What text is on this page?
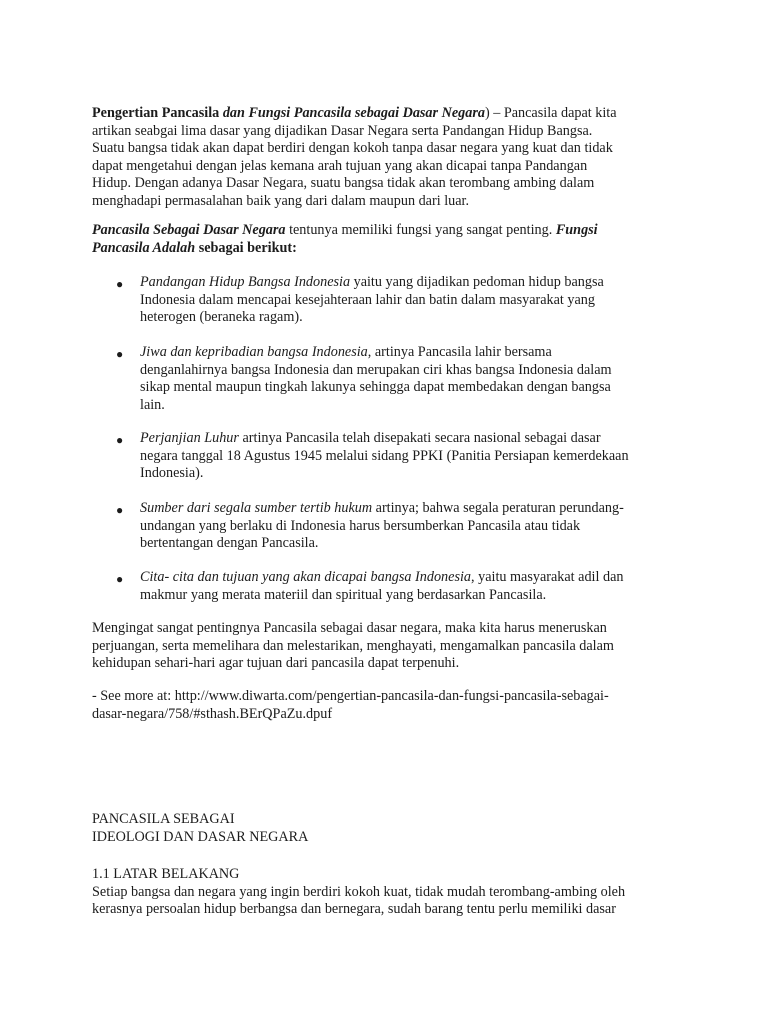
Pengertian Pancasila dan Fungsi Pancasila sebagai Dasar Negara) – Pancasila dapat kita
artikan seabgai lima dasar yang dijadikan Dasar Negara serta Pandangan Hidup Bangsa.
Suatu bangsa tidak akan dapat berdiri dengan kokoh tanpa dasar negara yang kuat dan tidak
dapat mengetahui dengan jelas kemana arah tujuan yang akan dicapai tanpa Pandangan
Hidup. Dengan adanya Dasar Negara, suatu bangsa tidak akan terombang ambing dalam
menghadapi permasalahan baik yang dari dalam maupun dari luar.

Pancasila Sebagai Dasar Negara tentunya memiliki fungsi yang sangat penting. Fungsi
Pancasila Adalah sebagai berikut:

● Pandangan Hidup Bangsa Indonesia yaitu yang dijadikan pedoman hidup bangsa
Indonesia dalam mencapai kesejahteraan lahir dan batin dalam masyarakat yang
heterogen (beraneka ragam).

● Jiwa dan kepribadian bangsa Indonesia, artinya Pancasila lahir bersama
denganlahirnya bangsa Indonesia dan merupakan ciri khas bangsa Indonesia dalam
sikap mental maupun tingkah lakunya sehingga dapat membedakan dengan bangsa
lain.

● Perjanjian Luhur artinya Pancasila telah disepakati secara nasional sebagai dasar
negara tanggal 18 Agustus 1945 melalui sidang PPKI (Panitia Persiapan kemerdekaan
Indonesia).

● Sumber dari segala sumber tertib hukum artinya; bahwa segala peraturan perundang-
undangan yang berlaku di Indonesia harus bersumberkan Pancasila atau tidak
bertentangan dengan Pancasila.

● Cita- cita dan tujuan yang akan dicapai bangsa Indonesia, yaitu masyarakat adil dan
makmur yang merata materiil dan spiritual yang berdasarkan Pancasila.

Mengingat sangat pentingnya Pancasila sebagai dasar negara, maka kita harus meneruskan
perjuangan, serta memelihara dan melestarikan, menghayati, mengamalkan pancasila dalam
kehidupan sehari-hari agar tujuan dari pancasila dapat terpenuhi.

- See more at: http://www.diwarta.com/pengertian-pancasila-dan-fungsi-pancasila-sebagai-
dasar-negara/758/#sthash.BErQPaZu.dpuf

PANCASILA SEBAGAI
IDEOLOGI DAN DASAR NEGARA

1.1 LATAR BELAKANG
Setiap bangsa dan negara yang ingin berdiri kokoh kuat, tidak mudah terombang-ambing oleh
kerasnya persoalan hidup berbangsa dan bernegara, sudah barang tentu perlu memiliki dasar
